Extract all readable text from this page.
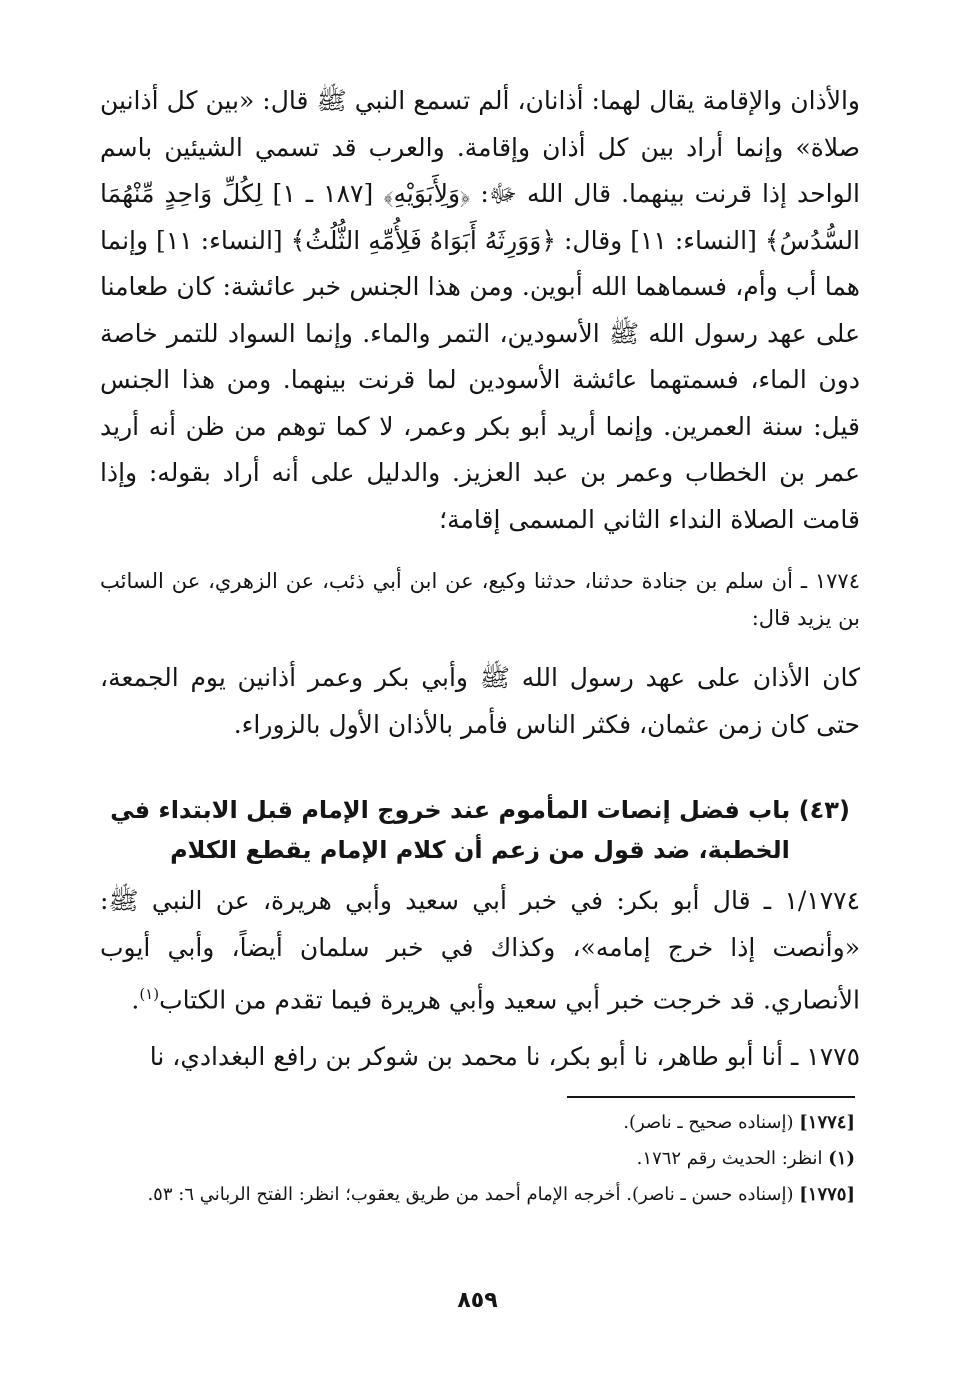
والأذان والإقامة يقال لهما: أذانان، ألم تسمع النبي ﷺ قال: «بين كل أذانين صلاة» وإنما أراد بين كل أذان وإقامة. والعرب قد تسمي الشيئين باسم الواحد إذا قرنت بينهما. قال الله ﷻ: ﴿وَلِأَبَوَيْهِ﴾ [١٨٧ ـ ١] لِكُلِّ وَاحِدٍ مِّنْهُمَا السُّدُسُ﴾ [النساء: ١١] وقال: ﴿وَوَرِثَهُ أَبَوَاهُ فَلِأُمِّهِ الثُّلُثُ﴾ [النساء: ١١] وإنما هما أب وأم، فسماهما الله أبوين. ومن هذا الجنس خبر عائشة: كان طعامنا على عهد رسول الله ﷺ الأسودين، التمر والماء. وإنما السواد للتمر خاصة دون الماء، فسمتهما عائشة الأسودين لما قرنت بينهما. ومن هذا الجنس قيل: سنة العمرين. وإنما أريد أبو بكر وعمر، لا كما توهم من ظن أنه أريد عمر بن الخطاب وعمر بن عبد العزيز. والدليل على أنه أراد بقوله: وإذا قامت الصلاة النداء الثاني المسمى إقامة؛

١٧٧٤ ـ أن سلم بن جنادة حدثنا، حدثنا وكيع، عن ابن أبي ذئب، عن الزهري، عن السائب بن يزيد قال:

كان الأذان على عهد رسول الله ﷺ وأبي بكر وعمر أذانين يوم الجمعة، حتى كان زمن عثمان، فكثر الناس فأمر بالأذان الأول بالزوراء.

(٤٣) باب فضل إنصات المأموم عند خروج الإمام قبل الابتداء في الخطبة، ضد قول من زعم أن كلام الإمام يقطع الكلام

١/١٧٧٤ ـ قال أبو بكر: في خبر أبي سعيد وأبي هريرة، عن النبي ﷺ: «وأنصت إذا خرج إمامه»، وكذاك في خبر سلمان أيضاً، وأبي أيوب الأنصاري. قد خرجت خبر أبي سعيد وأبي هريرة فيما تقدم من الكتاب$^{(١)}$.

١٧٧٥ ـ أنا أبو طاهر، نا أبو بكر، نا محمد بن شوكر بن رافع البغدادي، نا

[١٧٧٤] (إسناده صحيح ـ ناصر).

(١) انظر: الحديث رقم ١٧٦٢.

[١٧٧٥] (إسناده حسن ـ ناصر). أخرجه الإمام أحمد من طريق يعقوب؛ انظر: الفتح الرباني ٦: ٥٣.

٨٥٩
